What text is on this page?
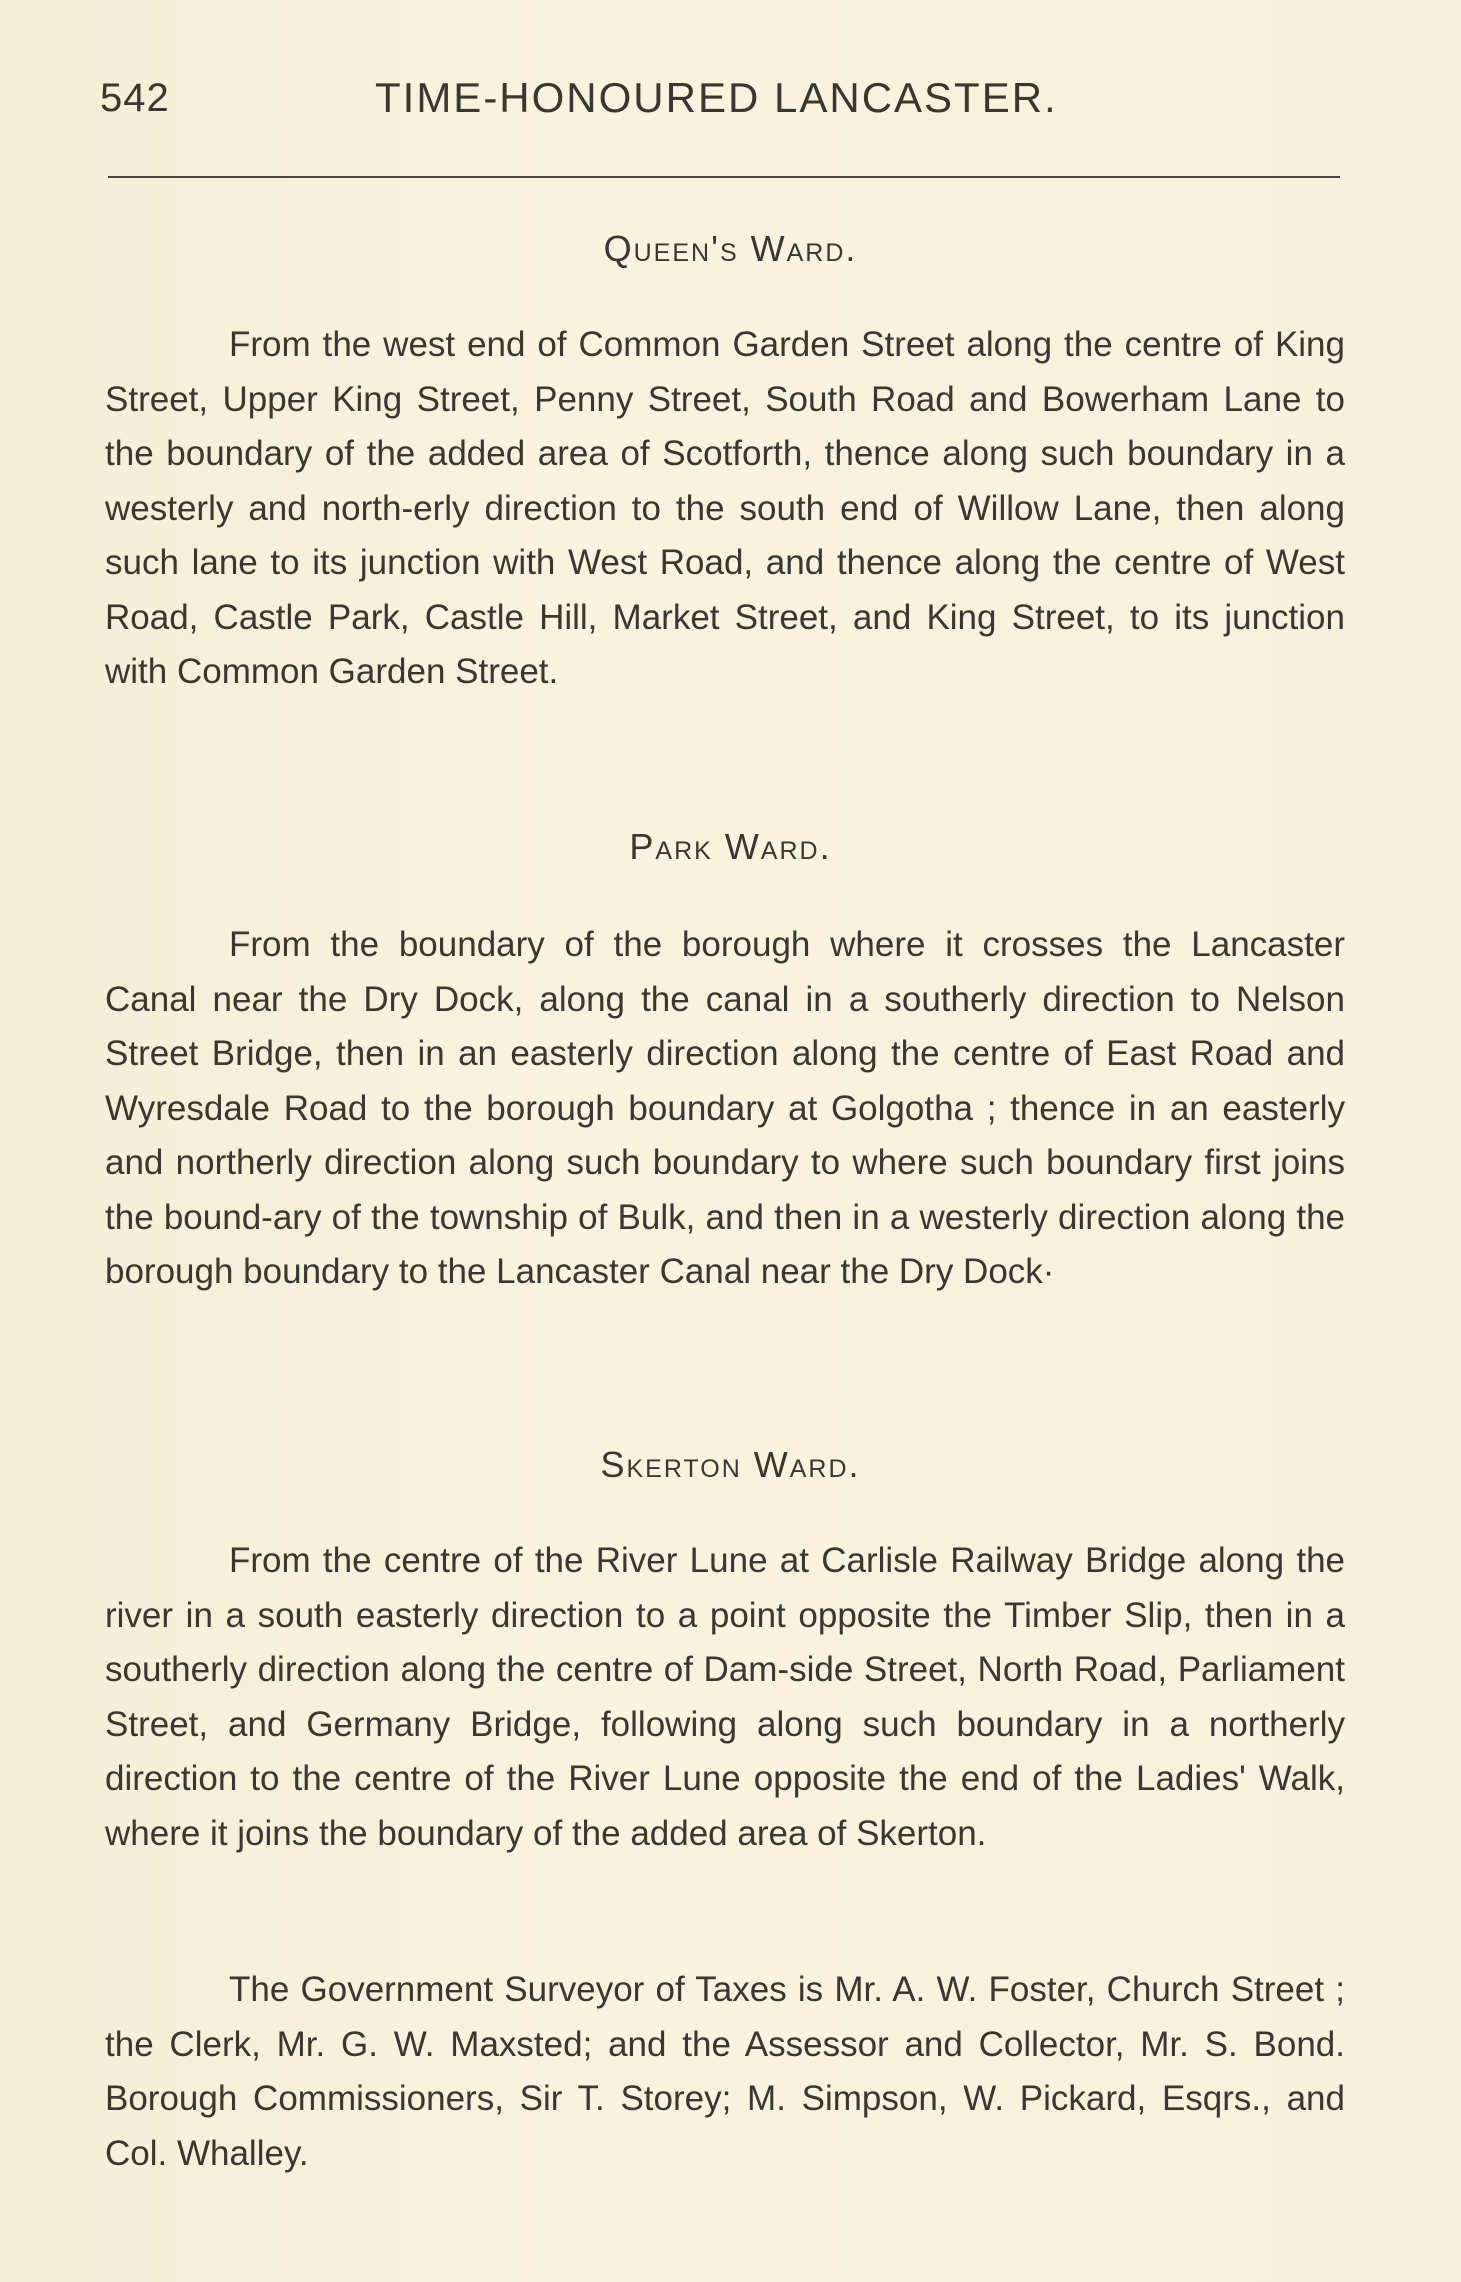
542	TIME-HONOURED LANCASTER.
Queen's Ward.

From the west end of Common Garden Street along the centre of King Street, Upper King Street, Penny Street, South Road and Bowerham Lane to the boundary of the added area of Scotforth, thence along such boundary in a westerly and north-erly direction to the south end of Willow Lane, then along such lane to its junction with West Road, and thence along the centre of West Road, Castle Park, Castle Hill, Market Street, and King Street, to its junction with Common Garden Street.

Park Ward.

From the boundary of the borough where it crosses the Lancaster Canal near the Dry Dock, along the canal in a southerly direction to Nelson Street Bridge, then in an easterly direction along the centre of East Road and Wyresdale Road to the borough boundary at Golgotha ; thence in an easterly and northerly direction along such boundary to where such boundary first joins the bound-ary of the township of Bulk, and then in a westerly direction along the borough boundary to the Lancaster Canal near the Dry Dock·

Skerton Ward.

From the centre of the River Lune at Carlisle Railway Bridge along the river in a south easterly direction to a point opposite the Timber Slip, then in a southerly direction along the centre of Dam-side Street, North Road, Parliament Street, and Germany Bridge, following along such boundary in a northerly direction to the centre of the River Lune opposite the end of the Ladies' Walk, where it joins the boundary of the added area of Skerton.

The Government Surveyor of Taxes is Mr. A. W. Foster, Church Street ; the Clerk, Mr. G. W. Maxsted; and the Assessor and Collector, Mr. S. Bond. Borough Commissioners, Sir T. Storey; M. Simpson, W. Pickard, Esqrs., and Col. Whalley.
